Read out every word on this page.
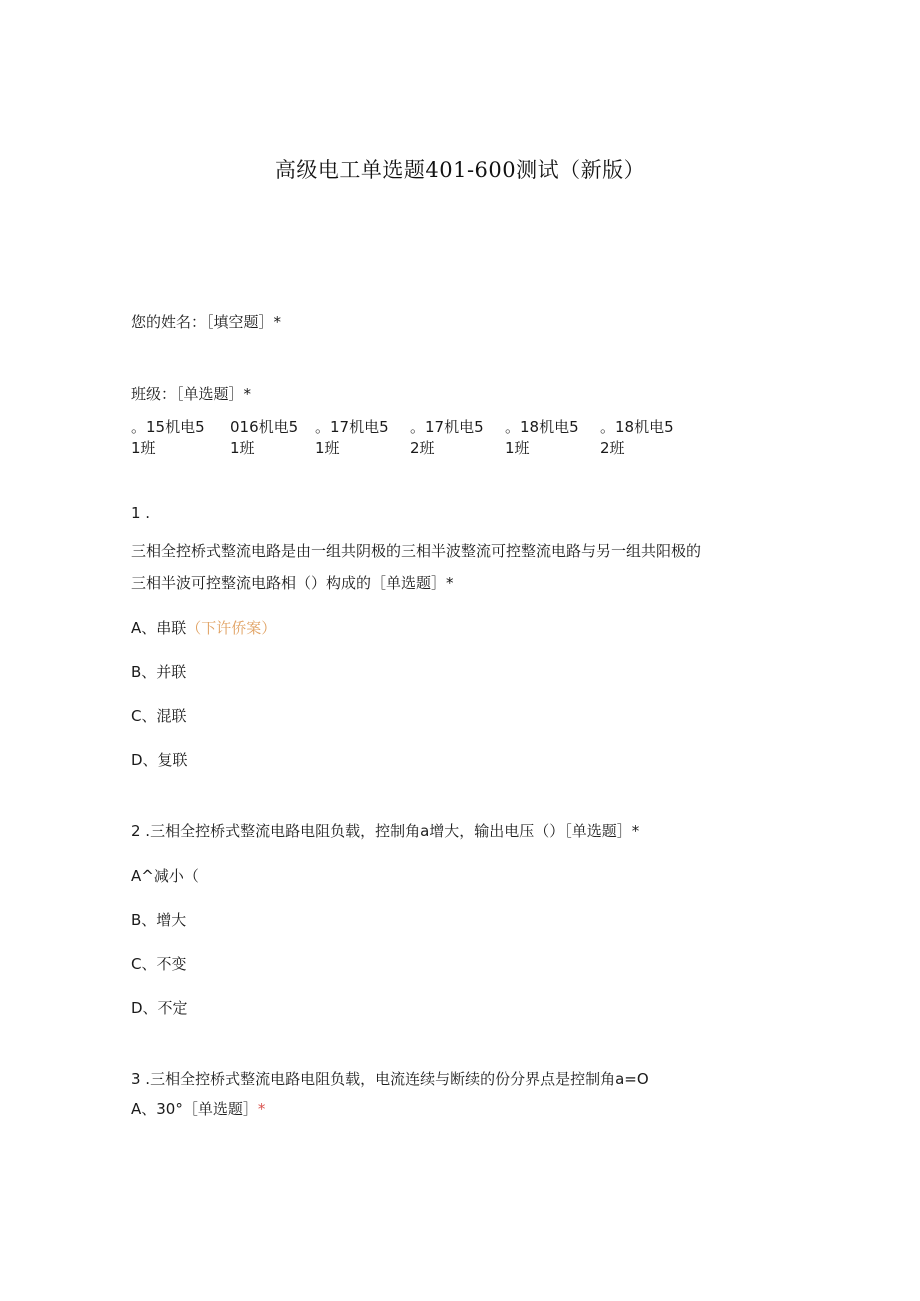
高级电工单选题401-600测试（新版）
您的姓名：［填空题］*
班级：［单选题］*
。15机电5
1班
016机电5
1班
。17机电5
1班
。17机电5
2班
。18机电5
1班
。18机电5
2班
1 .
三相全控桥式整流电路是由一组共阴极的三相半波整流可控整流电路与另一组共阳极的
三相半波可控整流电路相（）构成的［单选题］*
A、串联（下许侨案）
B、并联
C、混联
D、复联
2 .三相全控桥式整流电路电阻负载，控制角a增大，输出电压（）［单选题］*
A^减小（
B、增大
C、不变
D、不定
3 .三相全控桥式整流电路电阻负载，电流连续与断续的份分界点是控制角a=O
A、30°［单选题］*
